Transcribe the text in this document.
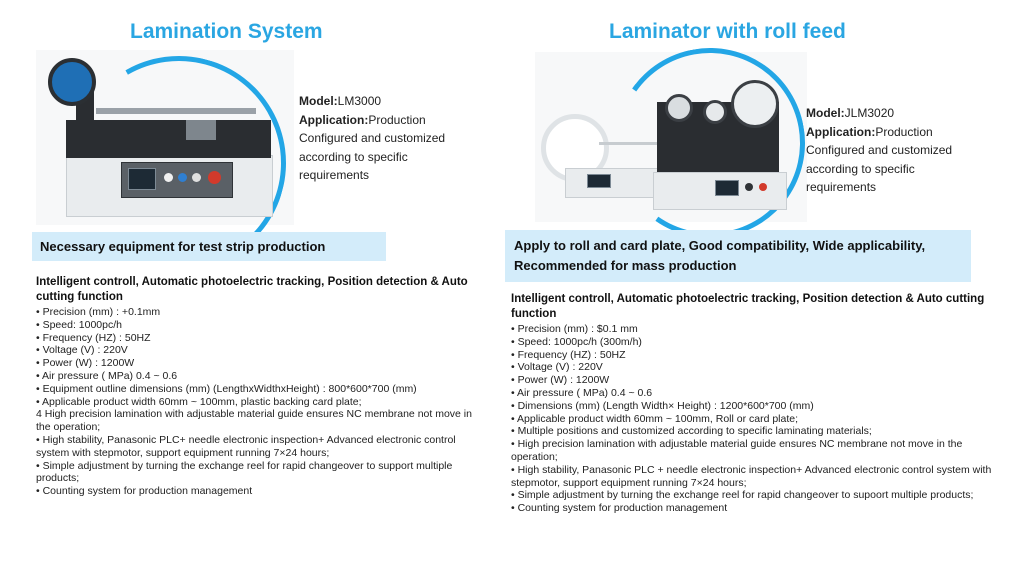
Lamination System
Model:LM3000
Application:Production
Configured and customized
according to specific
requirements
Necessary equipment for test strip production
Intelligent controll, Automatic photoelectric tracking, Position detection & Auto cutting function
• Precision (mm) : +0.1mm
• Speed: 1000pc/h
• Frequency (HZ) : 50HZ
• Voltage (V) : 220V
• Power (W) : 1200W
• Air pressure ( MPa) 0.4 ~ 0.6
• Equipment outline dimensions (mm) (LengthxWidthxHeight) : 800*600*700 (mm)
• Applicable product width 60mm ~ 100mm, plastic backing card plate;
4 High precision lamination with adjustable material guide ensures NC membrane not move in the operation;
• High stability, Panasonic PLC+ needle electronic inspection+ Advanced electronic control system with stepmotor, support equipment running 7×24 hours;
• Simple adjustment by turning the exchange reel for rapid changeover to support multiple products;
• Counting system for production management
Laminator with roll feed
Model:JLM3020
Application:Production
Configured and customized
according to specific
requirements
Apply to roll and card plate, Good compatibility, Wide applicability,
Recommended for mass production
Intelligent controll, Automatic photoelectric tracking, Position detection & Auto cutting function
• Precision (mm) : $0.1 mm
• Speed: 1000pc/h (300m/h)
• Frequency (HZ) : 50HZ
• Voltage (V) : 220V
• Power (W) : 1200W
• Air pressure ( MPa) 0.4 ~ 0.6
• Dimensions (mm) (Length Width× Height) : 1200*600*700 (mm)
• Applicable product width 60mm ~ 100mm, Roll or card plate;
• Multiple positions and customized according to specific laminating materials;
• High precision lamination with adjustable material guide ensures NC membrane not move in the operation;
• High stability, Panasonic PLC + needle electronic inspection+ Advanced electronic control system with stepmotor, support equipment running 7×24 hours;
• Simple adjustment by turning the exchange reel for rapid changeover to supoort multiple products;
• Counting system for production management
